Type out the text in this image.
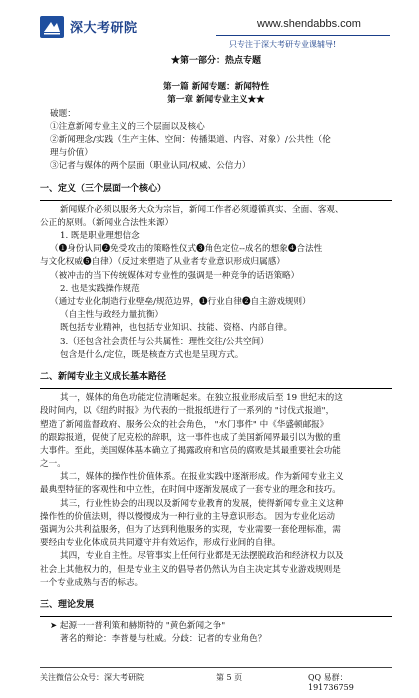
深大考研院	www.shendabbs.com
只专注于深大考研专业课辅导!
★第一部分：热点专题
第一篇 新闻专题：新闻特性
第一章 新闻专业主义★★
破题：
①注意新闻专业主义的三个层面以及核心
②新闻理念/实践（生产主体、空间：传播渠道、内容、对象）/公共性（伦
理与价值）
③记者与媒体的两个层面（职业认同/权威、公信力）
一、定义（三个层面一个核心）
新闻媒介必须以服务大众为宗旨，新闻工作者必须遵循真实、全面、客观、
公正的原则。（新闻业合法性来源）
1. 既是职业理想信念
（❶身份认同❷免受攻击的策略性仪式❸角色定位--成名的想象❹合法性
与文化权威❺自律）（反过来塑造了从业者专业意识形成归属感）
（被冲击的当下传统媒体对专业性的强调是一种竞争的话语策略）
2. 也是实践操作规范
（通过专业化制造行业壁垒/规范边界，❶行业自律❷自主游戏规则）
（自主性与政经力量抗衡）
既包括专业精神，也包括专业知识、技能、资格、内部自律。
3.（还包含社会责任与公共属性：理性交往/公共空间）
包含是什么/定位，既是核查方式也是呈现方式。
二、新闻专业主义成长基本路径
其一，媒体的角色功能定位清晰起来。在独立报业形成后至 19 世纪末的这
段时间内，以《纽约时报》为代表的一批报纸进行了一系列的 "讨伐式报道"，
塑造了新闻监督政府、服务公众的社会角色， "水门事件" 中《华盛顿邮报》
的跟踪报道，促使了尼克松的辞职，这一事件也成了美国新闻界最引以为傲的重
大事件。至此，美国媒体基本确立了揭露政府和官员的腐败是其最重要社会功能
之一。
其二，媒体的操作性价值体系。在报业实践中逐渐形成。作为新闻专业主义
最典型特征的客观性和中立性，在时间中逐渐发展成了一套专业的理念和技巧。
其三，行业性协会的出现以及新闻专业教育的发展，使得新闻专业主义这种
操作性的价值法则，得以慢慢成为一种行业的主导意识形态。 因为专业化运动
强调为公共利益服务，但为了达到利他服务的实现，专业需要一套伦理标准，需
要经由专业化体成员共同遵守并有效运作，形成行业间的自律。
其四，专业自主性。尽管事实上任何行业都是无法摆脱政治和经济权力以及
社会上其他权力的，但是专业主义的倡导者仍然认为自主决定其专业游戏规则是
一个专业成熟与否的标志。
三、理论发展
➤ 起源一一普利策和赫斯特的 "黄色新闻之争"
著名的辩论：李普曼与杜威。分歧：记者的专业角色？
关注微信公众号：深大考研院	第 5 页	QQ 易群： 191736759
